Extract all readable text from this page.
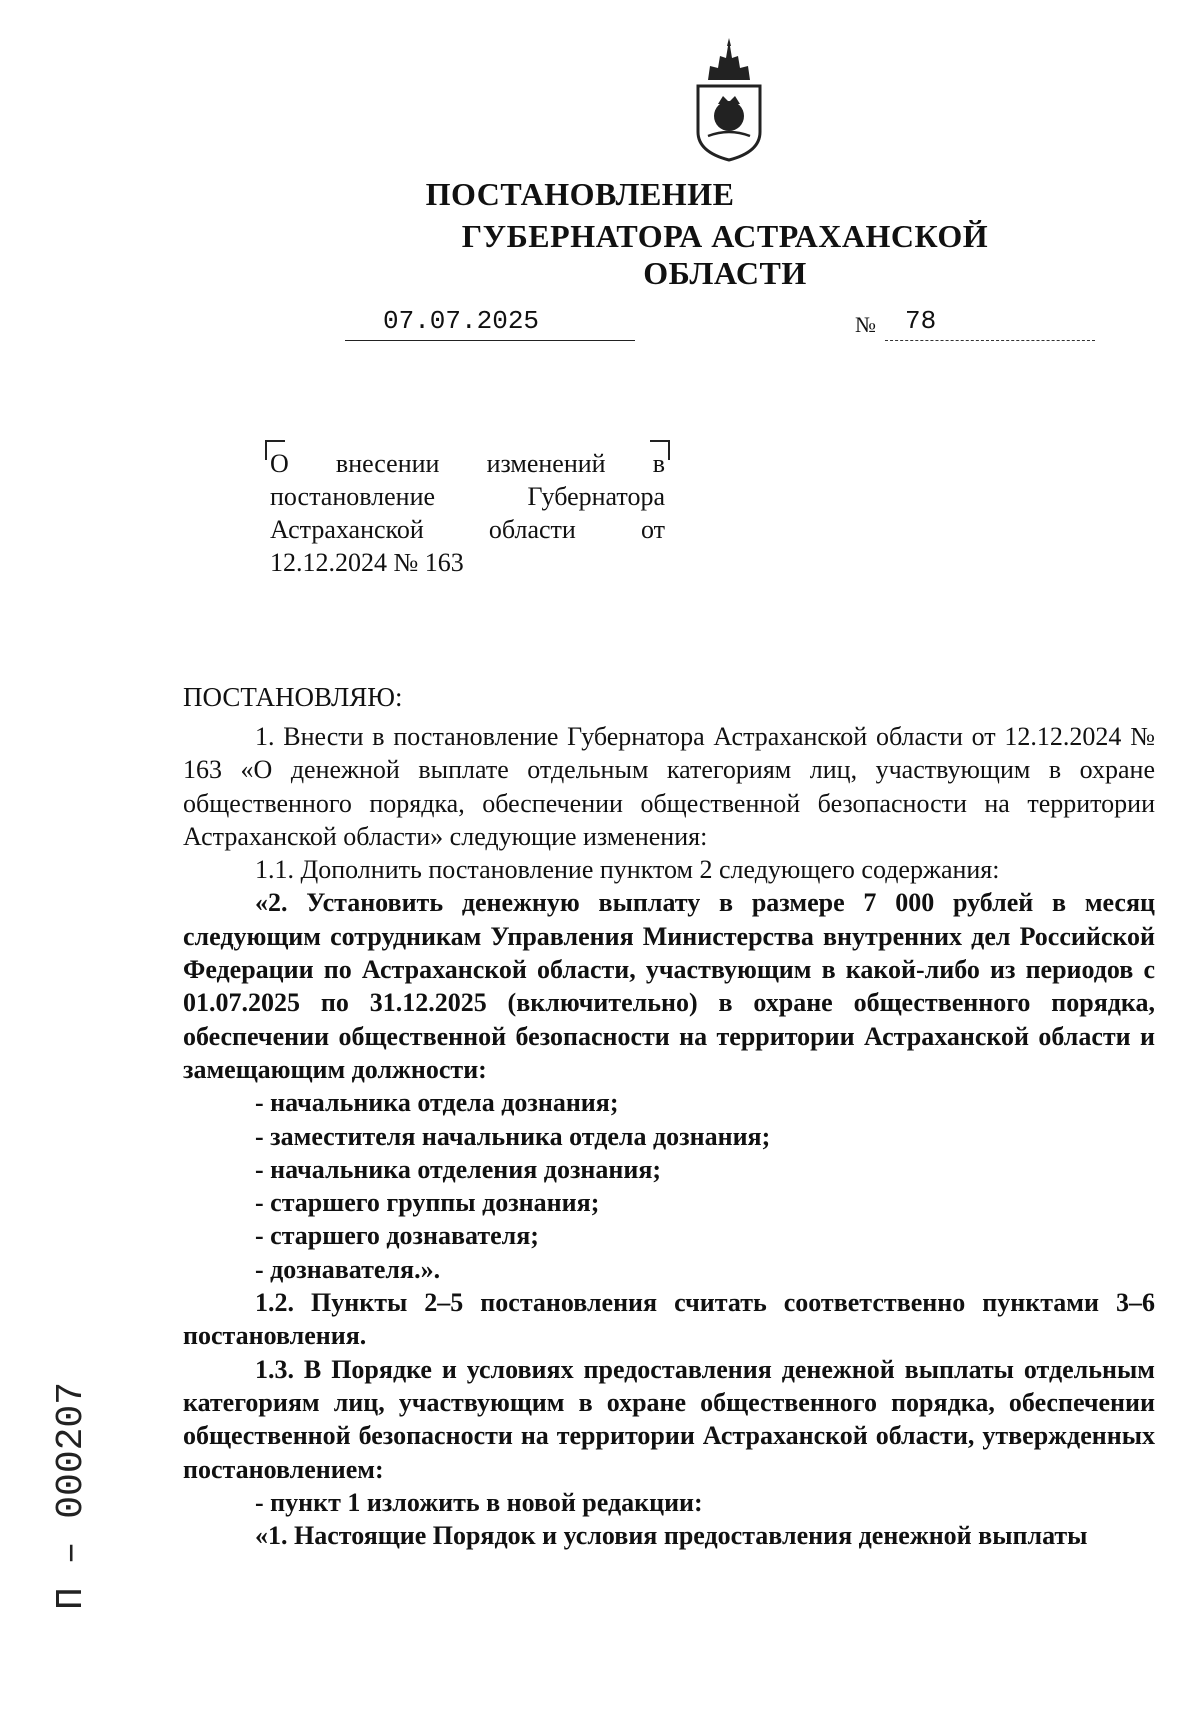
ПОСТАНОВЛЕНИЕ
ГУБЕРНАТОРА АСТРАХАНСКОЙ ОБЛАСТИ
07.07.2025	№ 78
О внесении изменений в постановление Губернатора Астраханской области от 12.12.2024 № 163
ПОСТАНОВЛЯЮ:

1. Внести в постановление Губернатора Астраханской области от 12.12.2024 № 163 «О денежной выплате отдельным категориям лиц, участвующим в охране общественного порядка, обеспечении общественной безопасности на территории Астраханской области» следующие изменения:

1.1. Дополнить постановление пунктом 2 следующего содержания:

«2. Установить денежную выплату в размере 7 000 рублей в месяц следующим сотрудникам Управления Министерства внутренних дел Российской Федерации по Астраханской области, участвующим в какой-либо из периодов с 01.07.2025 по 31.12.2025 (включительно) в охране общественного порядка, обеспечении общественной безопасности на территории Астраханской области и замещающим должности:

- начальника отдела дознания;

- заместителя начальника отдела дознания;

- начальника отделения дознания;

- старшего группы дознания;

- старшего дознавателя;

- дознавателя.».

1.2. Пункты 2–5 постановления считать соответственно пунктами 3–6 постановления.

1.3. В Порядке и условиях предоставления денежной выплаты отдельным категориям лиц, участвующим в охране общественного порядка, обеспечении общественной безопасности на территории Астраханской области, утвержденных постановлением:

- пункт 1 изложить в новой редакции:

«1. Настоящие Порядок и условия предоставления денежной выплаты

П – 000207
